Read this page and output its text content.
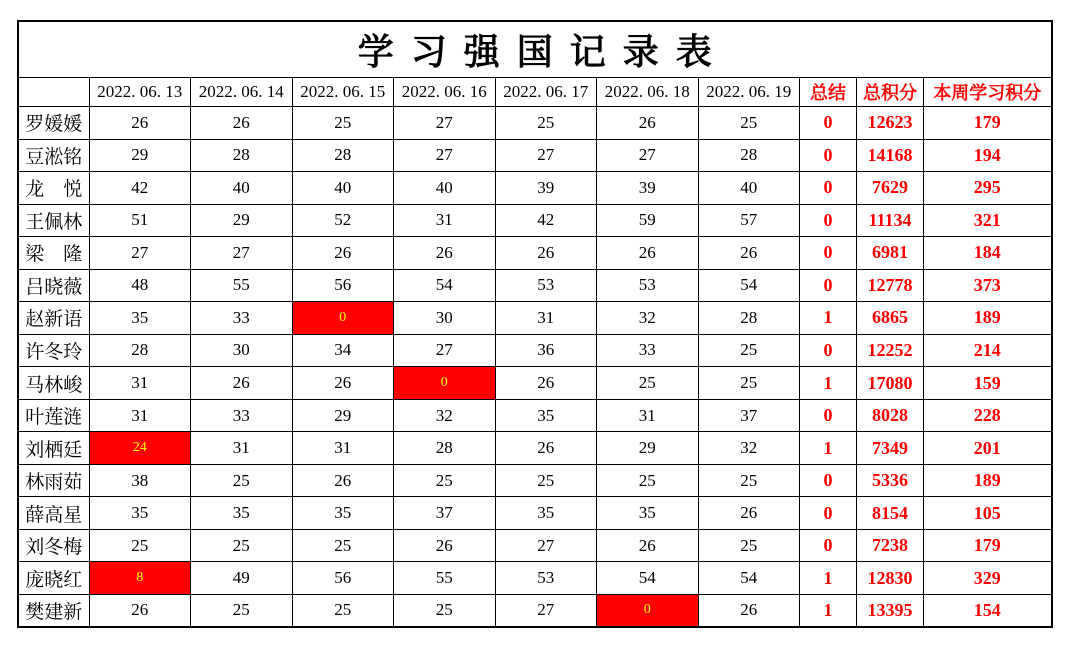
学习强国记录表										
	2022. 06. 13	2022. 06. 14	2022. 06. 15	2022. 06. 16	2022. 06. 17	2022. 06. 18	2022. 06. 19	总结	总积分	本周学习积分
罗媛媛	26	26	25	27	25	26	25	0	12623	179
豆淞铭	29	28	28	27	27	27	28	0	14168	194
龙　悦	42	40	40	40	39	39	40	0	7629	295
王佩林	51	29	52	31	42	59	57	0	11134	321
梁　隆	27	27	26	26	26	26	26	0	6981	184
吕晓薇	48	55	56	54	53	53	54	0	12778	373
赵新语	35	33	0	30	31	32	28	1	6865	189
许冬玲	28	30	34	27	36	33	25	0	12252	214
马林峻	31	26	26	0	26	25	25	1	17080	159
叶莲涟	31	33	29	32	35	31	37	0	8028	228
刘栖廷	24	31	31	28	26	29	32	1	7349	201
林雨茹	38	25	26	25	25	25	25	0	5336	189
薛高星	35	35	35	37	35	35	26	0	8154	105
刘冬梅	25	25	25	26	27	26	25	0	7238	179
庞晓红	8	49	56	55	53	54	54	1	12830	329
樊建新	26	25	25	25	27	0	26	1	13395	154
